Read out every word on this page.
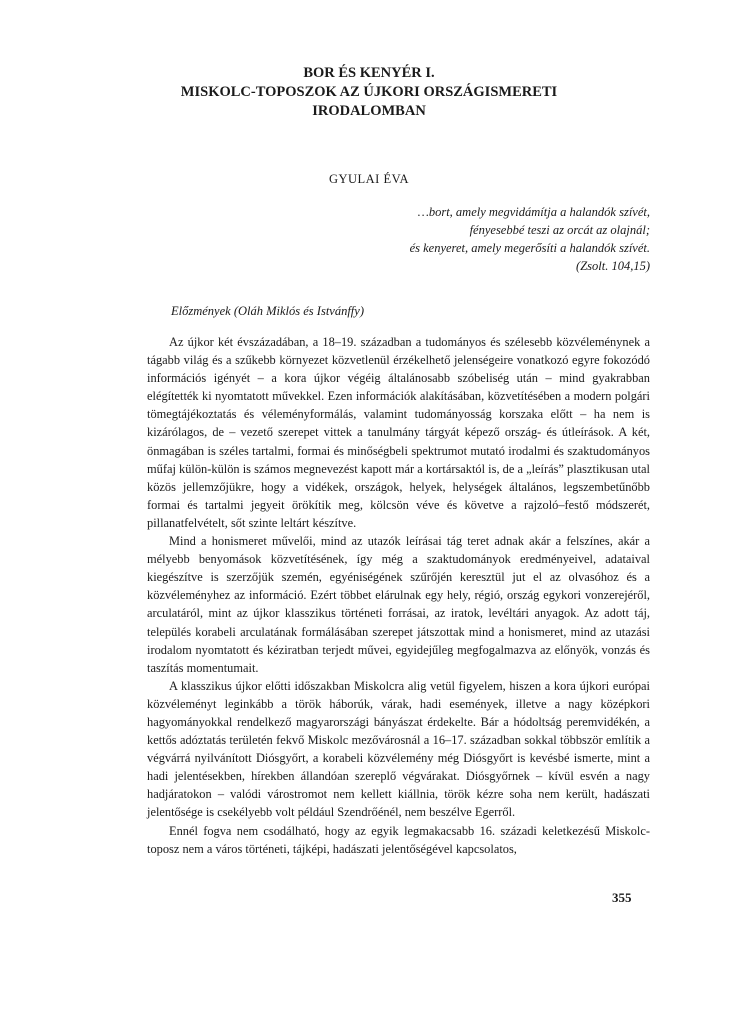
BOR ÉS KENYÉR I.
MISKOLC-TOPOSZOK AZ ÚJKORI ORSZÁGISMERETI
IRODALOMBAN
GYULAI ÉVA
…bort, amely megvidámítja a halandók szívét,
fényesebbé teszi az orcát az olajnál;
és kenyeret, amely megerősíti a halandók szívét.
(Zsolt. 104,15)
Előzmények (Oláh Miklós és Istvánffy)

Az újkor két évszázadában, a 18–19. században a tudományos és szélesebb közvéleménynek a tágabb világ és a szűkebb környezet közvetlenül érzékelhető jelenségeire vonatkozó egyre fokozódó információs igényét – a kora újkor végéig általánosabb szóbeliség után – mind gyakrabban elégítették ki nyomtatott művekkel. Ezen információk alakításában, közvetítésében a modern polgári tömegtájékoztatás és véleményformálás, valamint tudományosság korszaka előtt – ha nem is kizárólagos, de – vezető szerepet vittek a tanulmány tárgyát képező ország- és útleírások. A két, önmagában is széles tartalmi, formai és minőségbeli spektrumot mutató irodalmi és szaktudományos műfaj külön-külön is számos megnevezést kapott már a kortársaktól is, de a „leírás” plasztikusan utal közös jellemzőjükre, hogy a vidékek, országok, helyek, helységek általános, legszembetűnőbb formai és tartalmi jegyeit örökítik meg, kölcsön véve és követve a rajzoló–festő módszerét, pillanatfelvételt, sőt szinte leltárt készítve.

Mind a honismeret művelői, mind az utazók leírásai tág teret adnak akár a felszínes, akár a mélyebb benyomások közvetítésének, így még a szaktudományok eredményeivel, adataival kiegészítve is szerzőjük szemén, egyéniségének szűrőjén keresztül jut el az olvasóhoz és a közvéleményhez az információ. Ezért többet elárulnak egy hely, régió, ország egykori vonzerejéről, arculatáról, mint az újkor klasszikus történeti forrásai, az iratok, levéltári anyagok. Az adott táj, település korabeli arculatának formálásában szerepet játszottak mind a honismeret, mind az utazási irodalom nyomtatott és kéziratban terjedt művei, egyidejűleg megfogalmazva az előnyök, vonzás és taszítás momentumait.

A klasszikus újkor előtti időszakban Miskolcra alig vetül figyelem, hiszen a kora újkori európai közvéleményt leginkább a török háborúk, várak, hadi események, illetve a nagy középkori hagyományokkal rendelkező magyarországi bányászat érdekelte. Bár a hódoltság peremvidékén, a kettős adóztatás területén fekvő Miskolc mezővárosnál a 16–17. században sokkal többször említik a végvárrá nyilvánított Diósgyőrt, a korabeli közvélemény még Diósgyőrt is kevésbé ismerte, mint a hadi jelentésekben, hírekben állandóan szereplő végvárakat. Diósgyőrnek – kívül esvén a nagy hadjáratokon – valódi várostromot nem kellett kiállnia, török kézre soha nem került, hadászati jelentősége is csekélyebb volt például Szendrőénél, nem beszélve Egerről.

Ennél fogva nem csodálható, hogy az egyik legmakacsabb 16. századi keletkezésű Miskolc-toposz nem a város történeti, tájképi, hadászati jelentőségével kapcsolatos,

355
